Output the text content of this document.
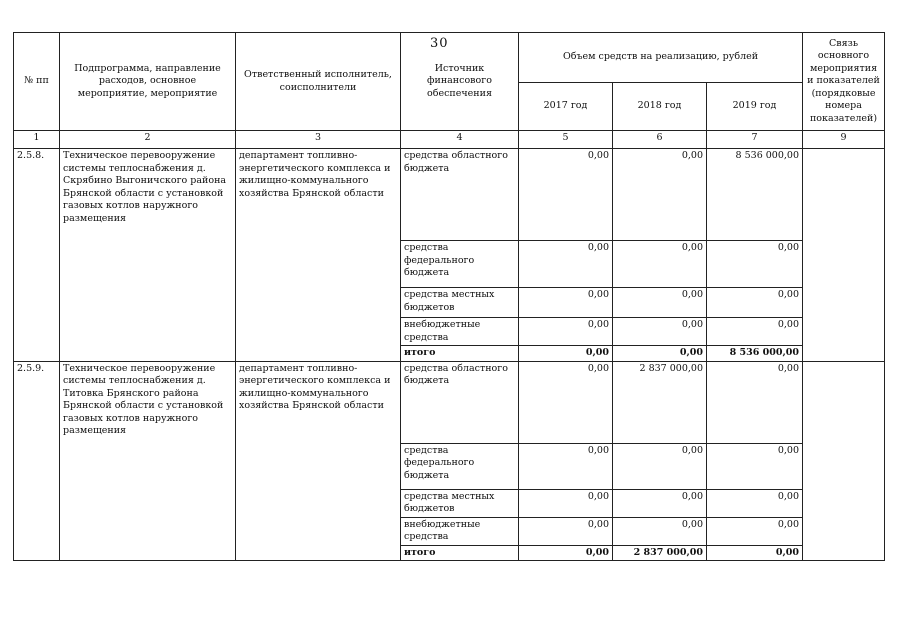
30
№ пп	Подпрограмма, направление расходов, основное мероприятие, мероприятие	Ответственный исполнитель, соисполнители	Источник финансового обеспечения	Объем средств на реализацию, рублей			Связь основного мероприятия и показателей (порядковые номера показателей)
				2017 год	2018 год	2019 год	
1	2	3	4	5	6	7	9
2.5.8.	Техническое перевооружение системы теплоснабжения д. Скрябино Выгоничского района Брянской области с установкой газовых котлов наружного размещения	департамент топливно-энергетического комплекса и жилищно-коммунального хозяйства Брянской области	средства областного бюджета	0,00	0,00	8 536 000,00	
			средства федерального бюджета	0,00	0,00	0,00	
			средства местных бюджетов	0,00	0,00	0,00	
			внебюджетные средства	0,00	0,00	0,00	
			итого	0,00	0,00	8 536 000,00	
2.5.9.	Техническое перевооружение системы теплоснабжения д. Титовка Брянского района Брянской области с установкой газовых котлов наружного размещения	департамент топливно-энергетического комплекса и жилищно-коммунального хозяйства Брянской области	средства областного бюджета	0,00	2 837 000,00	0,00	
			средства федерального бюджета	0,00	0,00	0,00	
			средства местных бюджетов	0,00	0,00	0,00	
			внебюджетные средства	0,00	0,00	0,00	
			итого	0,00	2 837 000,00	0,00	
